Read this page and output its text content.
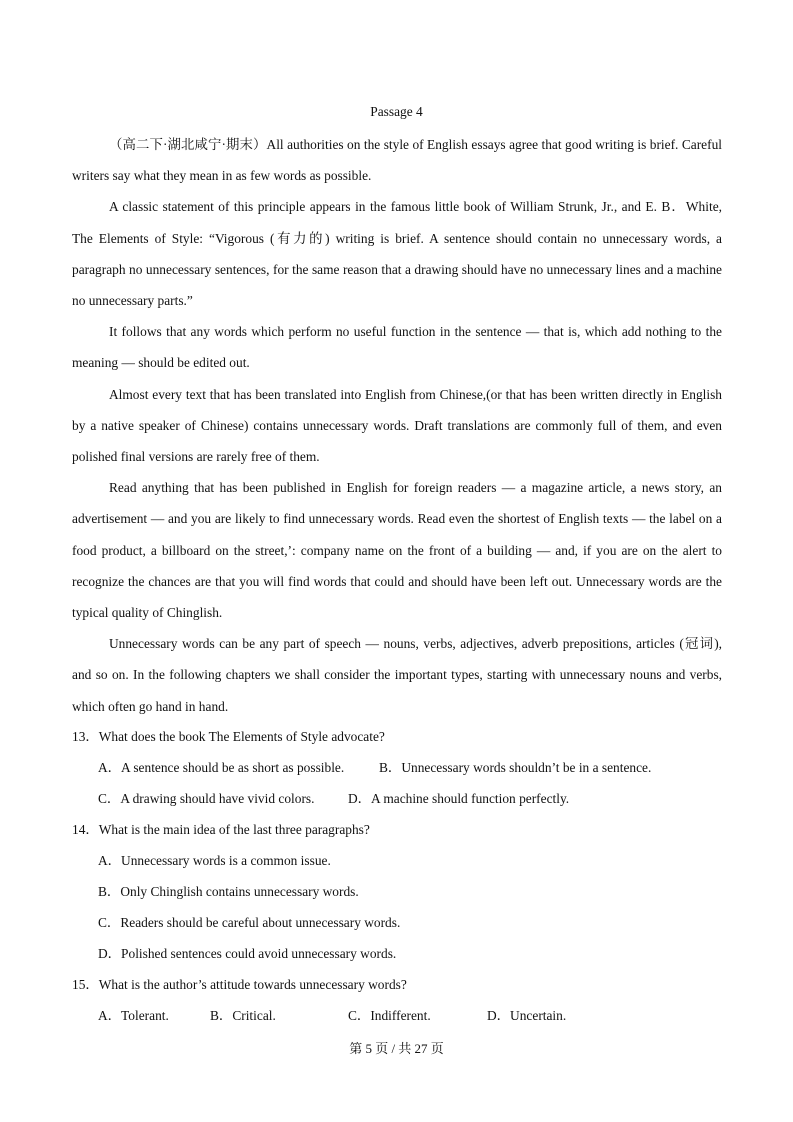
Passage 4

（高二下·湖北咸宁·期末）All authorities on the style of English essays agree that good writing is brief. Careful writers say what they mean in as few words as possible.

A classic statement of this principle appears in the famous little book of William Strunk, Jr., and E. B．White, The Elements of Style: “Vigorous (有力的) writing is brief. A sentence should contain no unnecessary words, a paragraph no unnecessary sentences, for the same reason that a drawing should have no unnecessary lines and a machine no unnecessary parts.”

It follows that any words which perform no useful function in the sentence — that is, which add nothing to the meaning — should be edited out.

Almost every text that has been translated into English from Chinese,(or that has been written directly in English by a native speaker of Chinese) contains unnecessary words. Draft translations are commonly full of them, and even polished final versions are rarely free of them.

Read anything that has been published in English for foreign readers — a magazine article, a news story, an advertisement — and you are likely to find unnecessary words. Read even the shortest of English texts — the label on a food product, a billboard on the street,’: company name on the front of a building — and, if you are on the alert to recognize the chances are that you will find words that could and should have been left out. Unnecessary words are the typical quality of Chinglish.

Unnecessary words can be any part of speech — nouns, verbs, adjectives, adverb prepositions, articles (冠词), and so on. In the following chapters we shall consider the important types, starting with unnecessary nouns and verbs, which often go hand in hand.

13．What does the book The Elements of Style advocate?
A．A sentence should be as short as possible.	B．Unnecessary words shouldn’t be in a sentence.
C．A drawing should have vivid colors.	D．A machine should function perfectly.
14．What is the main idea of the last three paragraphs?
A．Unnecessary words is a common issue.
B．Only Chinglish contains unnecessary words.
C．Readers should be careful about unnecessary words.
D．Polished sentences could avoid unnecessary words.
15．What is the author’s attitude towards unnecessary words?
A．Tolerant.	B．Critical.	C．Indifferent.	D．Uncertain.
第 5 页 / 共 27 页
